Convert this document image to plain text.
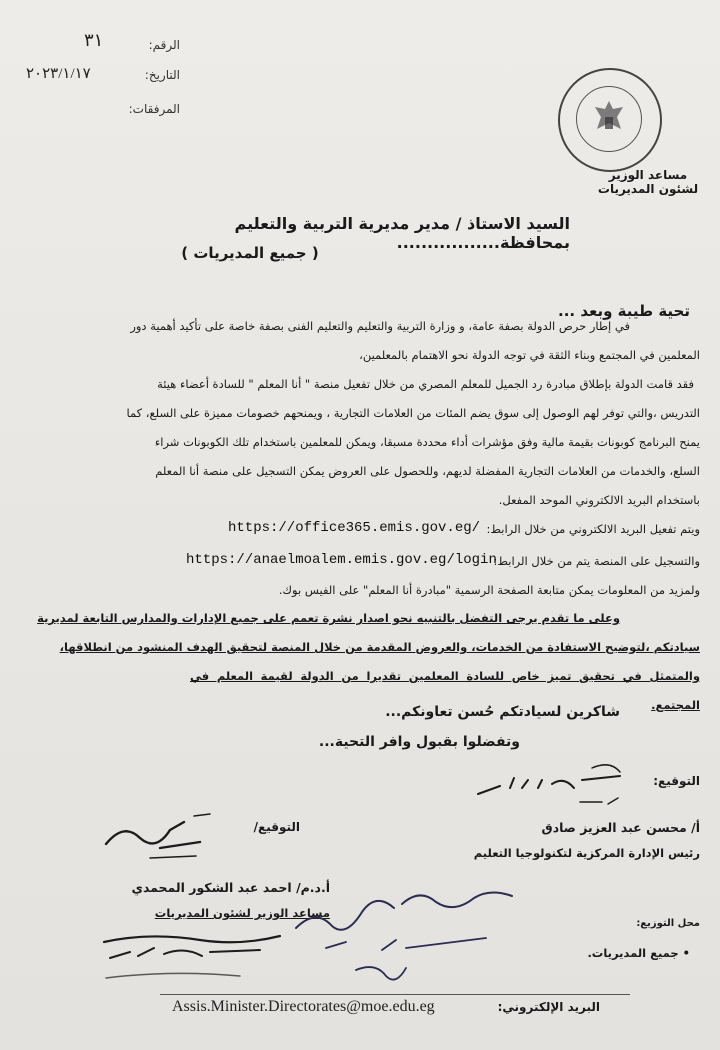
الرقم:
٣١
التاريخ:
٢٠٢٣/١/١٧
المرفقات:
مساعد الوزير لشئون المديريات
السيد الاستاذ / مدير مديرية التربية والتعليم بمحافظة.................
( جميع المديريات )
تحية طيبة وبعد ...
في إطار حرص الدولة بصفة عامة، و وزارة التربية والتعليم والتعليم الفنى بصفة خاصة على تأكيد أهمية دور
المعلمين في المجتمع وبناء الثقة في توجه الدولة نحو الاهتمام بالمعلمين،
فقد قامت الدولة بإطلاق مبادرة رد الجميل للمعلم المصري من خلال تفعيل منصة " أنا المعلم " للسادة أعضاء هيئة
التدريس ،والتي توفر لهم الوصول إلى سوق يضم المئات من العلامات التجارية ، ويمنحهم خصومات مميزة على السلع، كما
يمنح البرنامج كوبونات بقيمة مالية وفق مؤشرات أداء محددة مسبقا، ويمكن للمعلمين باستخدام تلك الكوبونات شراء
السلع، والخدمات من العلامات التجارية المفضلة لديهم، وللحصول على العروض يمكن التسجيل على منصة أنا المعلم
باستخدام البريد الالكتروني الموحد المفعل.
ويتم تفعيل البريد الالكتروني من خلال الرابط:
https://office365.emis.gov.eg/
والتسجيل على المنصة يتم من خلال الرابط:
https://anaelmoalem.emis.gov.eg/login
ولمزيد من المعلومات يمكن متابعة الصفحة الرسمية "مبادرة أنا المعلم" على الفيس بوك.
وعلى ما تقدم يرجى التفضل بالتنبيه نحو اصدار نشرة تعمم على جميع الإدارات والمدارس التابعة لمديرية
سيادتكم ،لتوضيح الاستفادة من الخدمات، والعروض المقدمة من خلال المنصة لتحقيق الهدف المنشود من انطلاقها،
والمتمثل في تحقيق تميز خاص للسادة المعلمين تقديرا من الدولة لقيمة المعلم في المجتمع.
شاكرين لسيادتكم حُسن تعاونكم...
وتفضلوا بقبول وافر التحية...
التوقيع:
أ/ محسن عبد العزيز صادق
رئيس الإدارة المركزية لتكنولوجيا التعليم
التوقيع/
أ.د.م/ احمد عبد الشكور المحمدي
مساعد الوزير لشئون المديريات
محل التوزيع:
• جميع المديريات.
البريد الإلكتروني:
Assis.Minister.Directorates@moe.edu.eg
